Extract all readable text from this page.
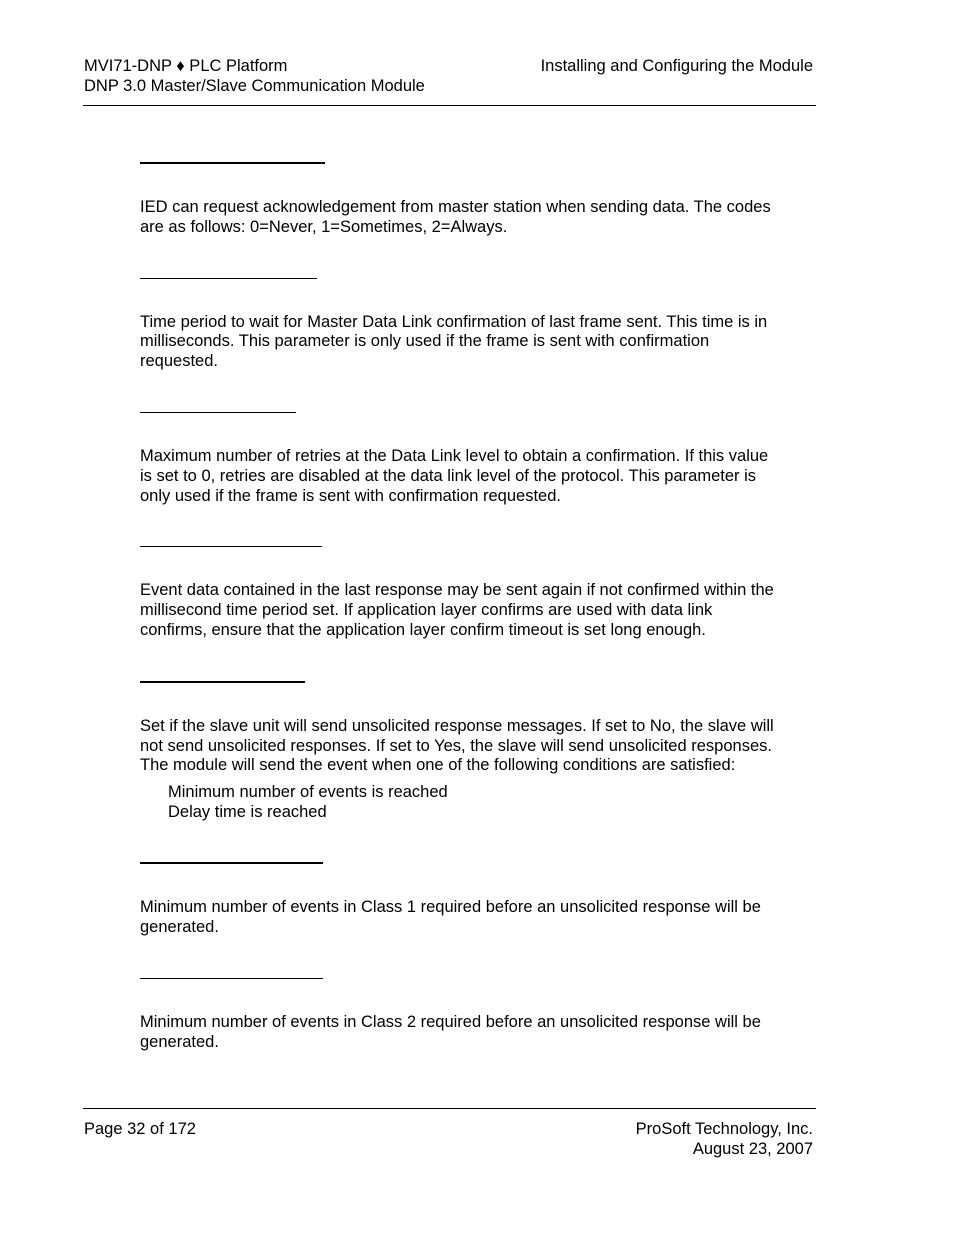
MVI71-DNP ♦ PLC Platform
DNP 3.0 Master/Slave Communication Module
Installing and Configuring the Module

IED can request acknowledgement from master station when sending data. The codes are as follows: 0=Never, 1=Sometimes, 2=Always.

Time period to wait for Master Data Link confirmation of last frame sent. This time is in milliseconds. This parameter is only used if the frame is sent with confirmation requested.

Maximum number of retries at the Data Link level to obtain a confirmation. If this value is set to 0, retries are disabled at the data link level of the protocol. This parameter is only used if the frame is sent with confirmation requested.

Event data contained in the last response may be sent again if not confirmed within the millisecond time period set. If application layer confirms are used with data link confirms, ensure that the application layer confirm timeout is set long enough.

Set if the slave unit will send unsolicited response messages. If set to No, the slave will not send unsolicited responses. If set to Yes, the slave will send unsolicited responses. The module will send the event when one of the following conditions are satisfied:

Minimum number of events is reached
Delay time is reached

Minimum number of events in Class 1 required before an unsolicited response will be generated.

Minimum number of events in Class 2 required before an unsolicited response will be generated.

Page 32 of 172	ProSoft Technology, Inc.
August 23, 2007
